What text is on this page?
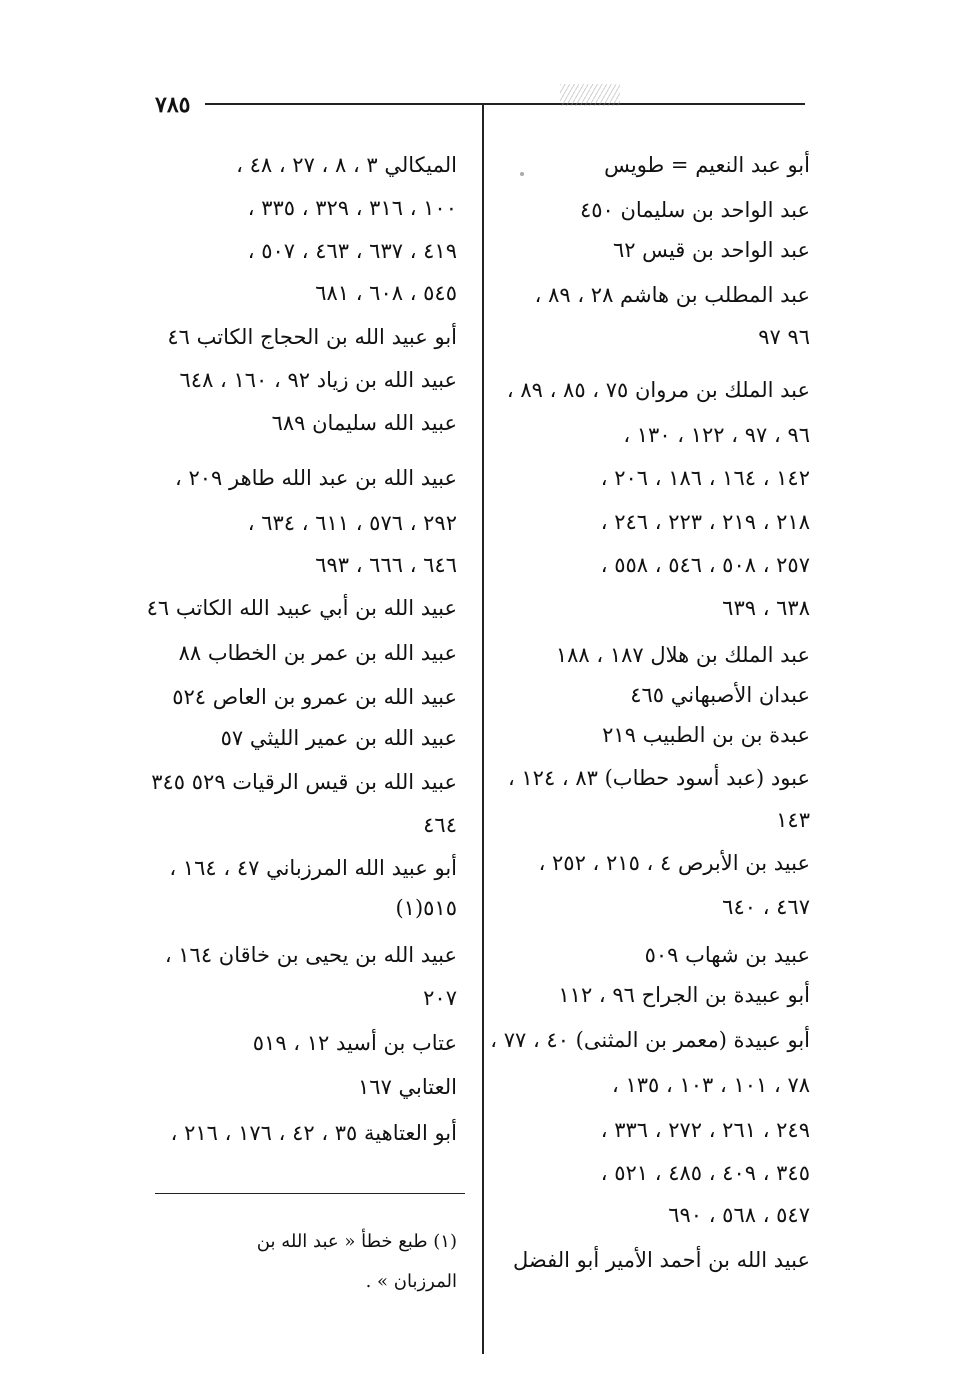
٧٨٥
أبو عبد النعيم = طويس
عبد الواحد بن سليمان ٤٥٠
عبد الواحد بن قيس ٦٢
عبد المطلب بن هاشم ٢٨ ، ٨٩ ،
٩٦ ٩٧
عبد الملك بن مروان ٧٥ ، ٨٥ ، ٨٩ ،
٩٦ ، ٩٧ ، ١٢٢ ، ١٣٠ ،
١٤٢ ، ١٦٤ ، ١٨٦ ، ٢٠٦ ،
٢١٨ ، ٢١٩ ، ٢٢٣ ، ٢٤٦ ،
٢٥٧ ، ٥٠٨ ، ٥٤٦ ، ٥٥٨ ،
٦٣٨ ، ٦٣٩
عبد الملك بن هلال ١٨٧ ، ١٨٨
عبدان الأصبهاني ٤٦٥
عبدة بن بن الطبيب ٢١٩
عبود (عبد أسود حطاب) ٨٣ ، ١٢٤ ،
١٤٣
عبيد بن الأبرص ٤ ، ٢١٥ ، ٢٥٢ ،
٤٦٧ ، ٦٤٠
عبيد بن شهاب ٥٠٩
أبو عبيدة بن الجراح ٩٦ ، ١١٢
أبو عبيدة (معمر بن المثنى) ٤٠ ، ٧٧ ،
٧٨ ، ١٠١ ، ١٠٣ ، ١٣٥ ،
٢٤٩ ، ٢٦١ ، ٢٧٢ ، ٣٣٦ ،
٣٤٥ ، ٤٠٩ ، ٤٨٥ ، ٥٢١ ،
٥٤٧ ، ٥٦٨ ، ٦٩٠
عبيد الله بن أحمد الأمير أبو الفضل
الميكالي ٣ ، ٨ ، ٢٧ ، ٤٨ ،
١٠٠ ، ٣١٦ ، ٣٢٩ ، ٣٣٥ ،
٤١٩ ، ٦٣٧ ، ٤٦٣ ، ٥٠٧ ،
٥٤٥ ، ٦٠٨ ، ٦٨١
أبو عبيد الله بن الحجاج الكاتب ٤٦
عبيد الله بن زياد ٩٢ ، ١٦٠ ، ٦٤٨
عبيد الله سليمان ٦٨٩
عبيد الله بن عبد الله طاهر ٢٠٩ ،
٢٩٢ ، ٥٧٦ ، ٦١١ ، ٦٣٤ ،
٦٤٦ ، ٦٦٦ ، ٦٩٣
عبيد الله بن أبي عبيد الله الكاتب ٤٦
عبيد الله بن عمر بن الخطاب ٨٨
عبيد الله بن عمرو بن العاص ٥٢٤
عبيد الله بن عمير الليثي ٥٧
عبيد الله بن قيس الرقيات ٥٢٩ ٣٤٥
٤٦٤
أبو عبيد الله المرزباني ٤٧ ، ١٦٤ ،
٥١٥(١)
عبيد الله بن يحيى بن خاقان ١٦٤ ،
٢٠٧
عتاب بن أسيد ١٢ ، ٥١٩
العتابي ١٦٧
أبو العتاهية ٣٥ ، ٤٢ ، ١٧٦ ، ٢١٦ ،
(١) طبع خطأ « عبد الله بن
المرزبان » .
